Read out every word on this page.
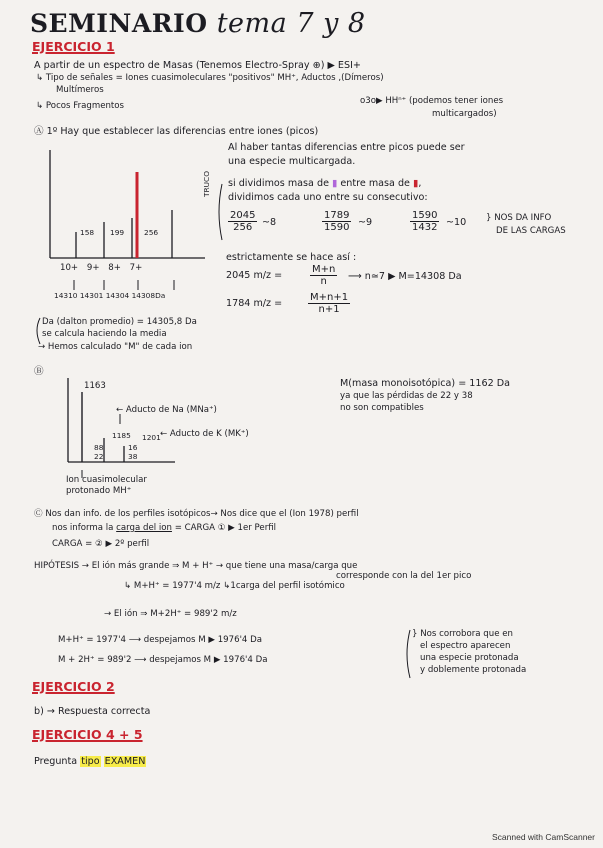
SEMINARIO tema 7 y 8
EJERCICIO 1
A partir de un espectro de Masas (Tenemos Electro-Spray ⊕) ▶ ESI+
↳ Tipo de señales = Iones cuasimoleculares "positivos" MH⁺, Aductos ,(Dímeros)
Multímeros
↳ Pocos Fragmentos	o3o▶ HHⁿ⁺ (podemos tener iones
multicargados)
Ⓐ 1º Hay que establecer las diferencias entre iones (picos)
158 199	256
10+ 9+ 8+ 7+
14310 14301 14304 14308Da
TRUCO
Al haber tantas diferencias entre picos puede ser
una especie multicargada.
si dividimos masa de ▮ entre masa de ▮,
dividimos cada uno entre su consecutivo:
2045
256	~8
1789
1590 ~9
1590
1432 ~10 } NOS DA INFO
DE LAS CARGAS
estrictamente se hace así :
2045 m/z =
M+n
n	⟶ n≃7 ▶ M=14308 Da
1784 m/z =
M+n+1
n+1
Da (dalton promedio) = 14305,8 Da
se calcula haciendo la media
→ Hemos calculado "M" de cada ion
Ⓑ
1163
← Aducto de Na (MNa⁺)
1185 1201 ← Aducto de K (MK⁺)
88
22
16
38
Ion cuasimolecular
protonado MH⁺
M(masa monoisotópica) = 1162 Da
ya que las pérdidas de 22 y 38
no son compatibles
Ⓒ Nos dan info. de los perfiles isotópicos→ Nos dice que el (Ion 1978) perfil
nos informa la carga del ion = CARGA ① ▶ 1er Perfil
CARGA = ② ▶ 2º perfil
HIPÓTESIS → El ión más grande ⇒ M + H⁺ → que tiene una masa/carga que
corresponde con la del 1er pico
↳ M+H⁺ = 1977'4 m/z ↳1carga del perfil isotómico
→ El ión ⇒ M+2H⁺ = 989'2 m/z
M+H⁺ = 1977'4 ⟶ despejamos M ▶ 1976'4 Da
M + 2H⁺ = 989'2 ⟶ despejamos M ▶ 1976'4 Da
} Nos corrobora que en
el espectro aparecen
una especie protonada
y doblemente protonada
EJERCICIO 2
b) → Respuesta correcta
EJERCICIO 4 + 5
Pregunta tipo EXAMEN
Scanned with CamScanner
